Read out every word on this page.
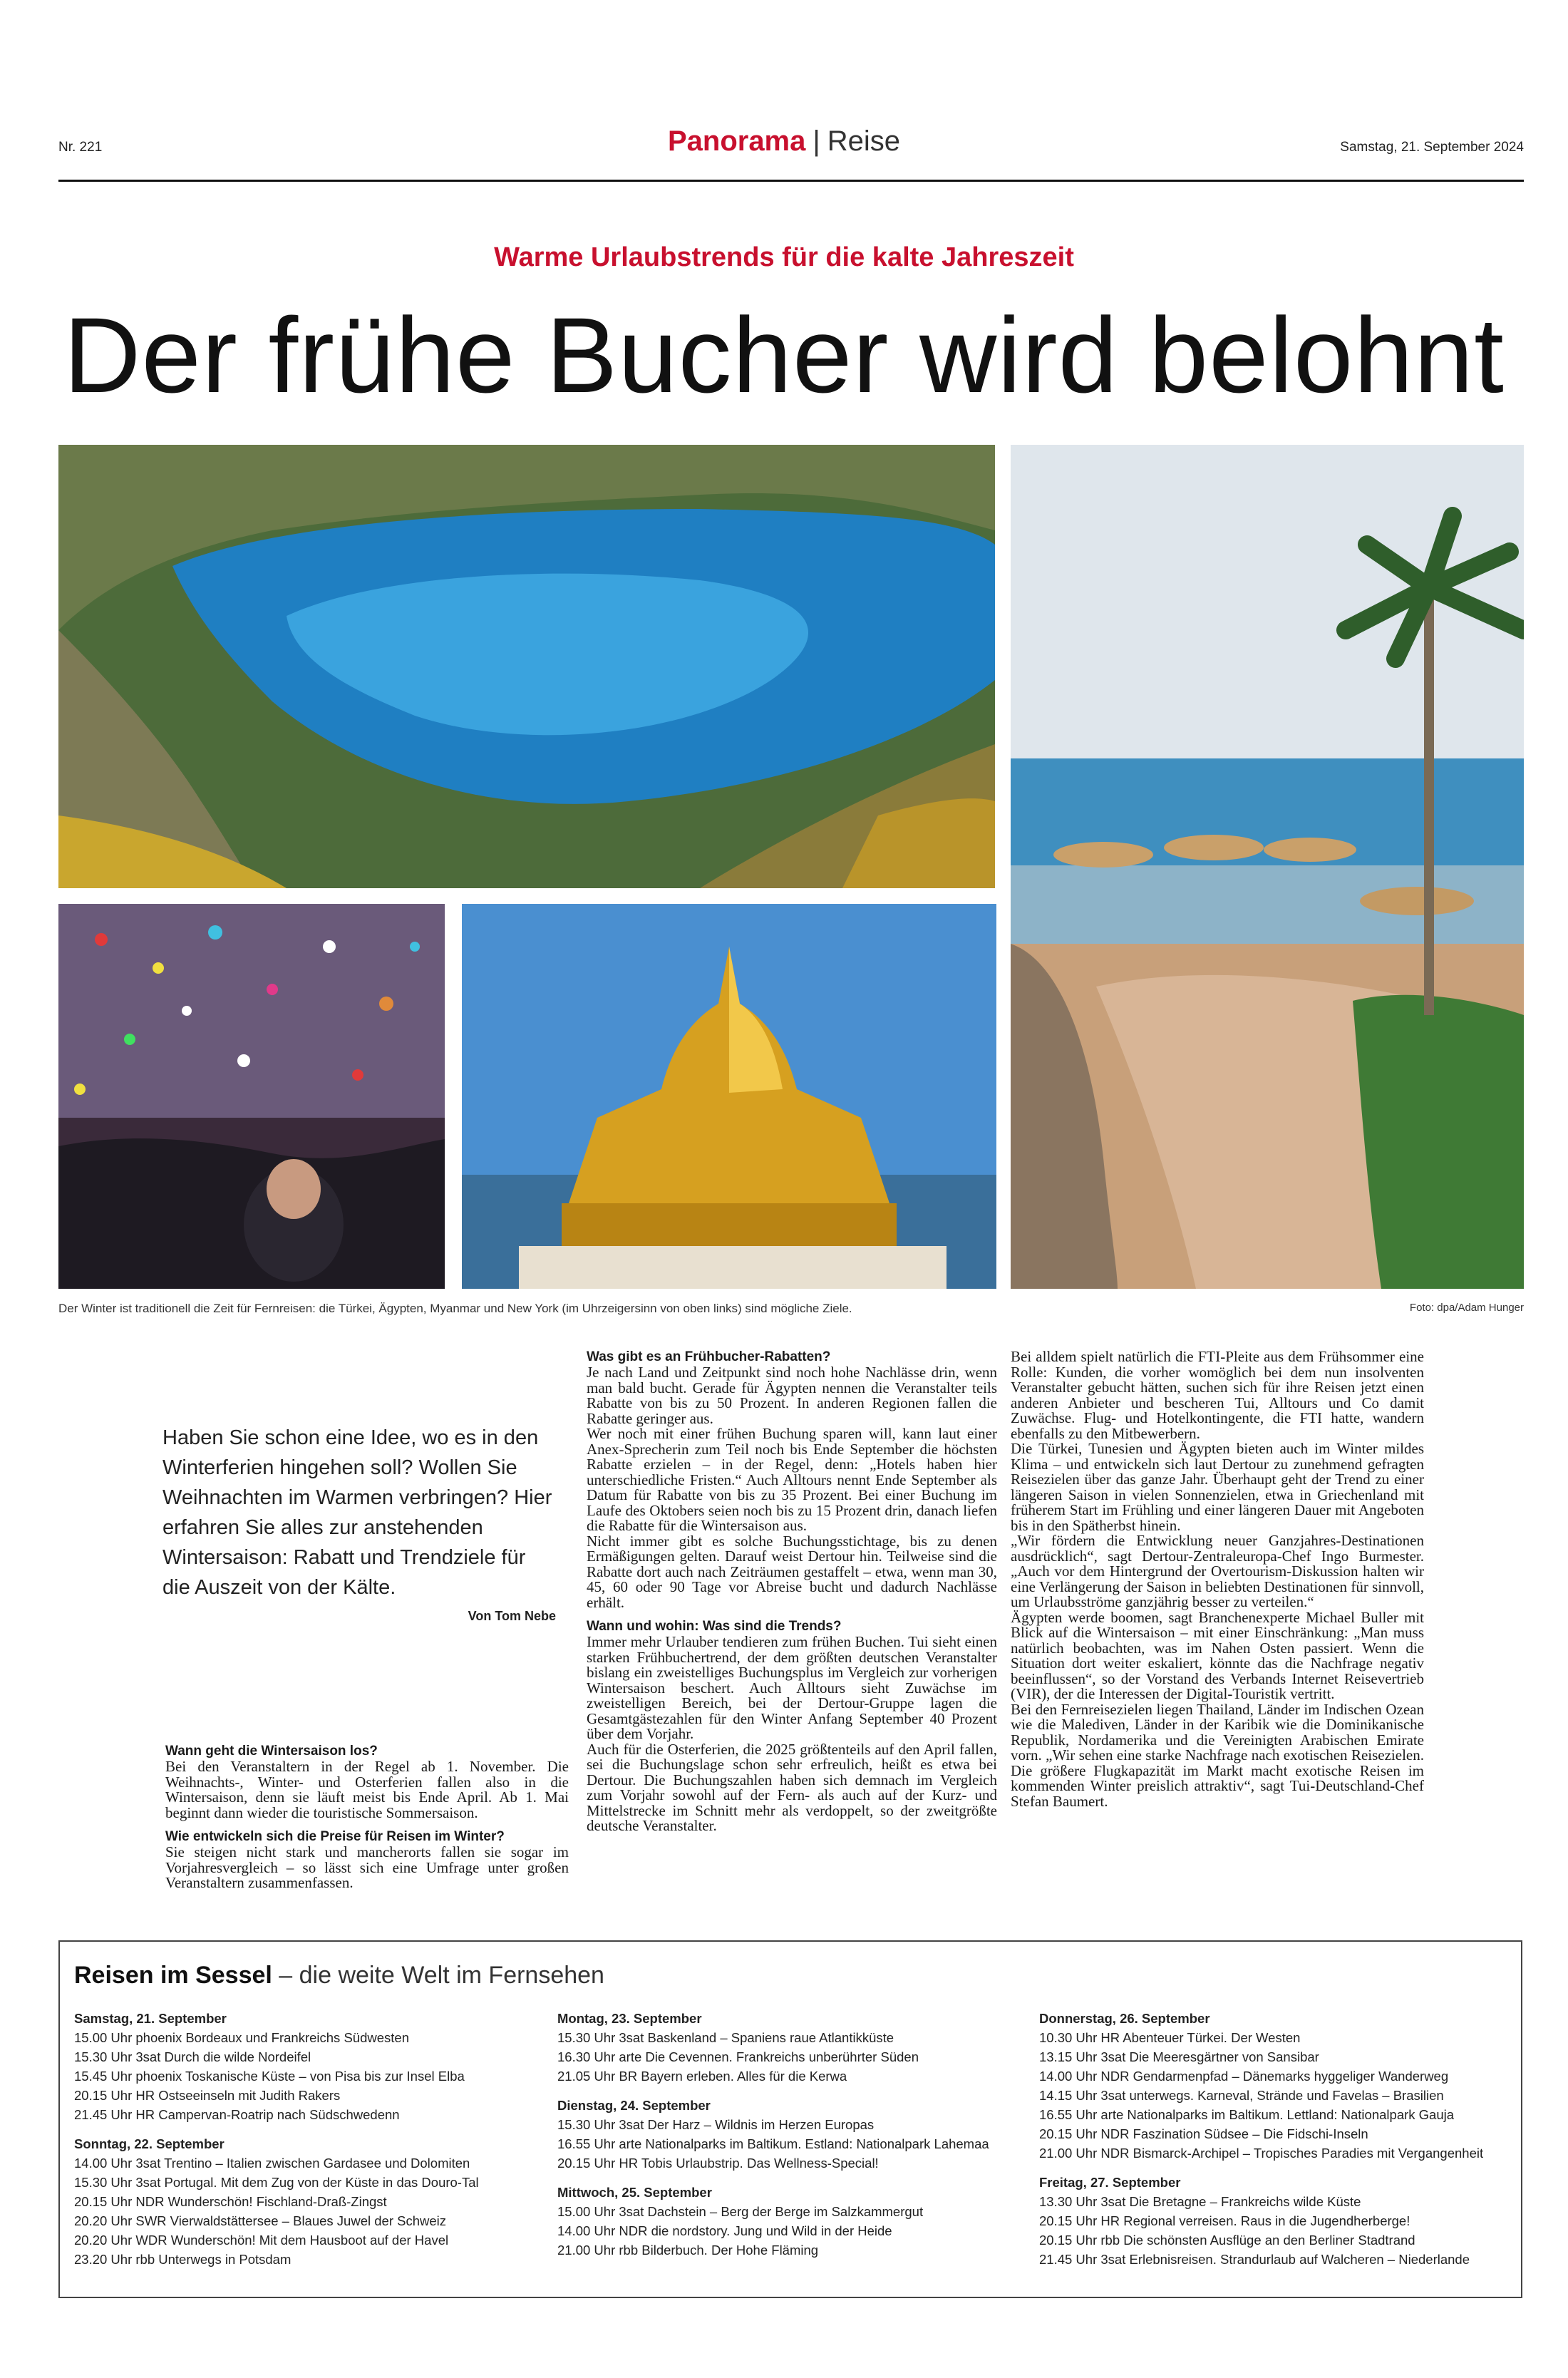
Nr. 221	Panorama | Reise	Samstag, 21. September 2024
Warme Urlaubstrends für die kalte Jahreszeit
Der frühe Bucher wird belohnt
Der Winter ist traditionell die Zeit für Fernreisen: die Türkei, Ägypten, Myanmar und New York (im Uhrzeigersinn von oben links) sind mögliche Ziele.	Foto: dpa/Adam Hunger
Haben Sie schon eine Idee, wo es in den Winterferien hingehen soll? Wollen Sie Weihnachten im Warmen verbringen? Hier erfahren Sie alles zur anstehenden Wintersaison: Rabatt und Trendziele für die Auszeit von der Kälte.
Von Tom Nebe
Wann geht die Wintersaison los?

Bei den Veranstaltern in der Regel ab 1. November. Die Weihnachts-, Winter- und Osterferien fallen also in die Wintersaison, denn sie läuft meist bis Ende April. Ab 1. Mai beginnt dann wieder die touristische Sommersaison.

Wie entwickeln sich die Preise für Reisen im Winter?

Sie steigen nicht stark und mancherorts fallen sie sogar im Vorjahresvergleich – so lässt sich eine Umfrage unter großen Veranstaltern zusammenfassen.

Was gibt es an Frühbucher-Rabatten?

Je nach Land und Zeitpunkt sind noch hohe Nachlässe drin, wenn man bald bucht. Gerade für Ägypten nennen die Veranstalter teils Rabatte von bis zu 50 Prozent. In anderen Regionen fallen die Rabatte geringer aus.

Wer noch mit einer frühen Buchung sparen will, kann laut einer Anex-Sprecherin zum Teil noch bis Ende September die höchsten Rabatte erzielen – in der Regel, denn: „Hotels haben hier unterschiedliche Fristen.“ Auch Alltours nennt Ende September als Datum für Rabatte von bis zu 35 Prozent. Bei einer Buchung im Laufe des Oktobers seien noch bis zu 15 Prozent drin, danach liefen die Rabatte für die Wintersaison aus.

Nicht immer gibt es solche Buchungsstichtage, bis zu denen Ermäßigungen gelten. Darauf weist Dertour hin. Teilweise sind die Rabatte dort auch nach Zeiträumen gestaffelt – etwa, wenn man 30, 45, 60 oder 90 Tage vor Abreise bucht und dadurch Nachlässe erhält.

Wann und wohin: Was sind die Trends?

Immer mehr Urlauber tendieren zum frühen Buchen. Tui sieht einen starken Frühbuchertrend, der dem größten deutschen Veranstalter bislang ein zweistelliges Buchungsplus im Vergleich zur vorherigen Wintersaison beschert. Auch Alltours sieht Zuwächse im zweistelligen Bereich, bei der Dertour-Gruppe lagen die Gesamtgästezahlen für den Winter Anfang September 40 Prozent über dem Vorjahr.

Auch für die Osterferien, die 2025 größtenteils auf den April fallen, sei die Buchungslage schon sehr erfreulich, heißt es etwa bei Dertour. Die Buchungszahlen haben sich demnach im Vergleich zum Vorjahr sowohl auf der Fern- als auch auf der Kurz- und Mittelstrecke im Schnitt mehr als verdoppelt, so der zweitgrößte deutsche Veranstalter.

Bei alldem spielt natürlich die FTI-Pleite aus dem Frühsommer eine Rolle: Kunden, die vorher womöglich bei dem nun insolventen Veranstalter gebucht hätten, suchen sich für ihre Reisen jetzt einen anderen Anbieter und bescheren Tui, Alltours und Co damit Zuwächse. Flug- und Hotelkontingente, die FTI hatte, wandern ebenfalls zu den Mitbewerbern.

Die Türkei, Tunesien und Ägypten bieten auch im Winter mildes Klima – und entwickeln sich laut Dertour zu zunehmend gefragten Reisezielen über das ganze Jahr. Überhaupt geht der Trend zu einer längeren Saison in vielen Sonnenzielen, etwa in Griechenland mit früherem Start im Frühling und einer längeren Dauer mit Angeboten bis in den Spätherbst hinein.

„Wir fördern die Entwicklung neuer Ganzjahres-Destinationen ausdrücklich“, sagt Dertour-Zentraleuropa-Chef Ingo Burmester. „Auch vor dem Hintergrund der Overtourism-Diskussion halten wir eine Verlängerung der Saison in beliebten Destinationen für sinnvoll, um Urlaubsströme ganzjährig besser zu verteilen.“

Ägypten werde boomen, sagt Branchenexperte Michael Buller mit Blick auf die Wintersaison – mit einer Einschränkung: „Man muss natürlich beobachten, was im Nahen Osten passiert. Wenn die Situation dort weiter eskaliert, könnte das die Nachfrage negativ beeinflussen“, so der Vorstand des Verbands Internet Reisevertrieb (VIR), der die Interessen der Digital-Touristik vertritt.

Bei den Fernreisezielen liegen Thailand, Länder im Indischen Ozean wie die Malediven, Länder in der Karibik wie die Dominikanische Republik, Nordamerika und die Vereinigten Arabischen Emirate vorn. „Wir sehen eine starke Nachfrage nach exotischen Reisezielen. Die größere Flugkapazität im Markt macht exotische Reisen im kommenden Winter preislich attraktiv“, sagt Tui-Deutschland-Chef Stefan Baumert.

Reisen im Sessel – die weite Welt im Fernsehen
Samstag, 21. September
15.00 Uhr phoenix Bordeaux und Frankreichs Südwesten
15.30 Uhr 3sat Durch die wilde Nordeifel
15.45 Uhr phoenix Toskanische Küste – von Pisa bis zur Insel Elba
20.15 Uhr HR Ostseeinseln mit Judith Rakers
21.45 Uhr HR Campervan-Roatrip nach Südschwedenn
Sonntag, 22. September
14.00 Uhr 3sat Trentino – Italien zwischen Gardasee und Dolomiten
15.30 Uhr 3sat Portugal. Mit dem Zug von der Küste in das Douro-Tal
20.15 Uhr NDR Wunderschön! Fischland-Draß-Zingst
20.20 Uhr SWR Vierwaldstättersee – Blaues Juwel der Schweiz
20.20 Uhr WDR Wunderschön! Mit dem Hausboot auf der Havel
23.20 Uhr rbb Unterwegs in Potsdam
Montag, 23. September
15.30 Uhr 3sat Baskenland – Spaniens raue Atlantikküste
16.30 Uhr arte Die Cevennen. Frankreichs unberührter Süden
21.05 Uhr BR Bayern erleben. Alles für die Kerwa
Dienstag, 24. September
15.30 Uhr 3sat Der Harz – Wildnis im Herzen Europas
16.55 Uhr arte Nationalparks im Baltikum. Estland: Nationalpark Lahemaa
20.15 Uhr HR Tobis Urlaubstrip. Das Wellness-Special!
Mittwoch, 25. September
15.00 Uhr 3sat Dachstein – Berg der Berge im Salzkammergut
14.00 Uhr NDR die nordstory. Jung und Wild in der Heide
21.00 Uhr rbb Bilderbuch. Der Hohe Fläming
Donnerstag, 26. September
10.30 Uhr HR Abenteuer Türkei. Der Westen
13.15 Uhr 3sat Die Meeresgärtner von Sansibar
14.00 Uhr NDR Gendarmenpfad – Dänemarks hyggeliger Wanderweg
14.15 Uhr 3sat unterwegs. Karneval, Strände und Favelas – Brasilien
16.55 Uhr arte Nationalparks im Baltikum. Lettland: Nationalpark Gauja
20.15 Uhr NDR Faszination Südsee – Die Fidschi-Inseln
21.00 Uhr NDR Bismarck-Archipel – Tropisches Paradies mit Vergangenheit
Freitag, 27. September
13.30 Uhr 3sat Die Bretagne – Frankreichs wilde Küste
20.15 Uhr HR Regional verreisen. Raus in die Jugendherberge!
20.15 Uhr rbb Die schönsten Ausflüge an den Berliner Stadtrand
21.45 Uhr 3sat Erlebnisreisen. Strandurlaub auf Walcheren – Niederlande
